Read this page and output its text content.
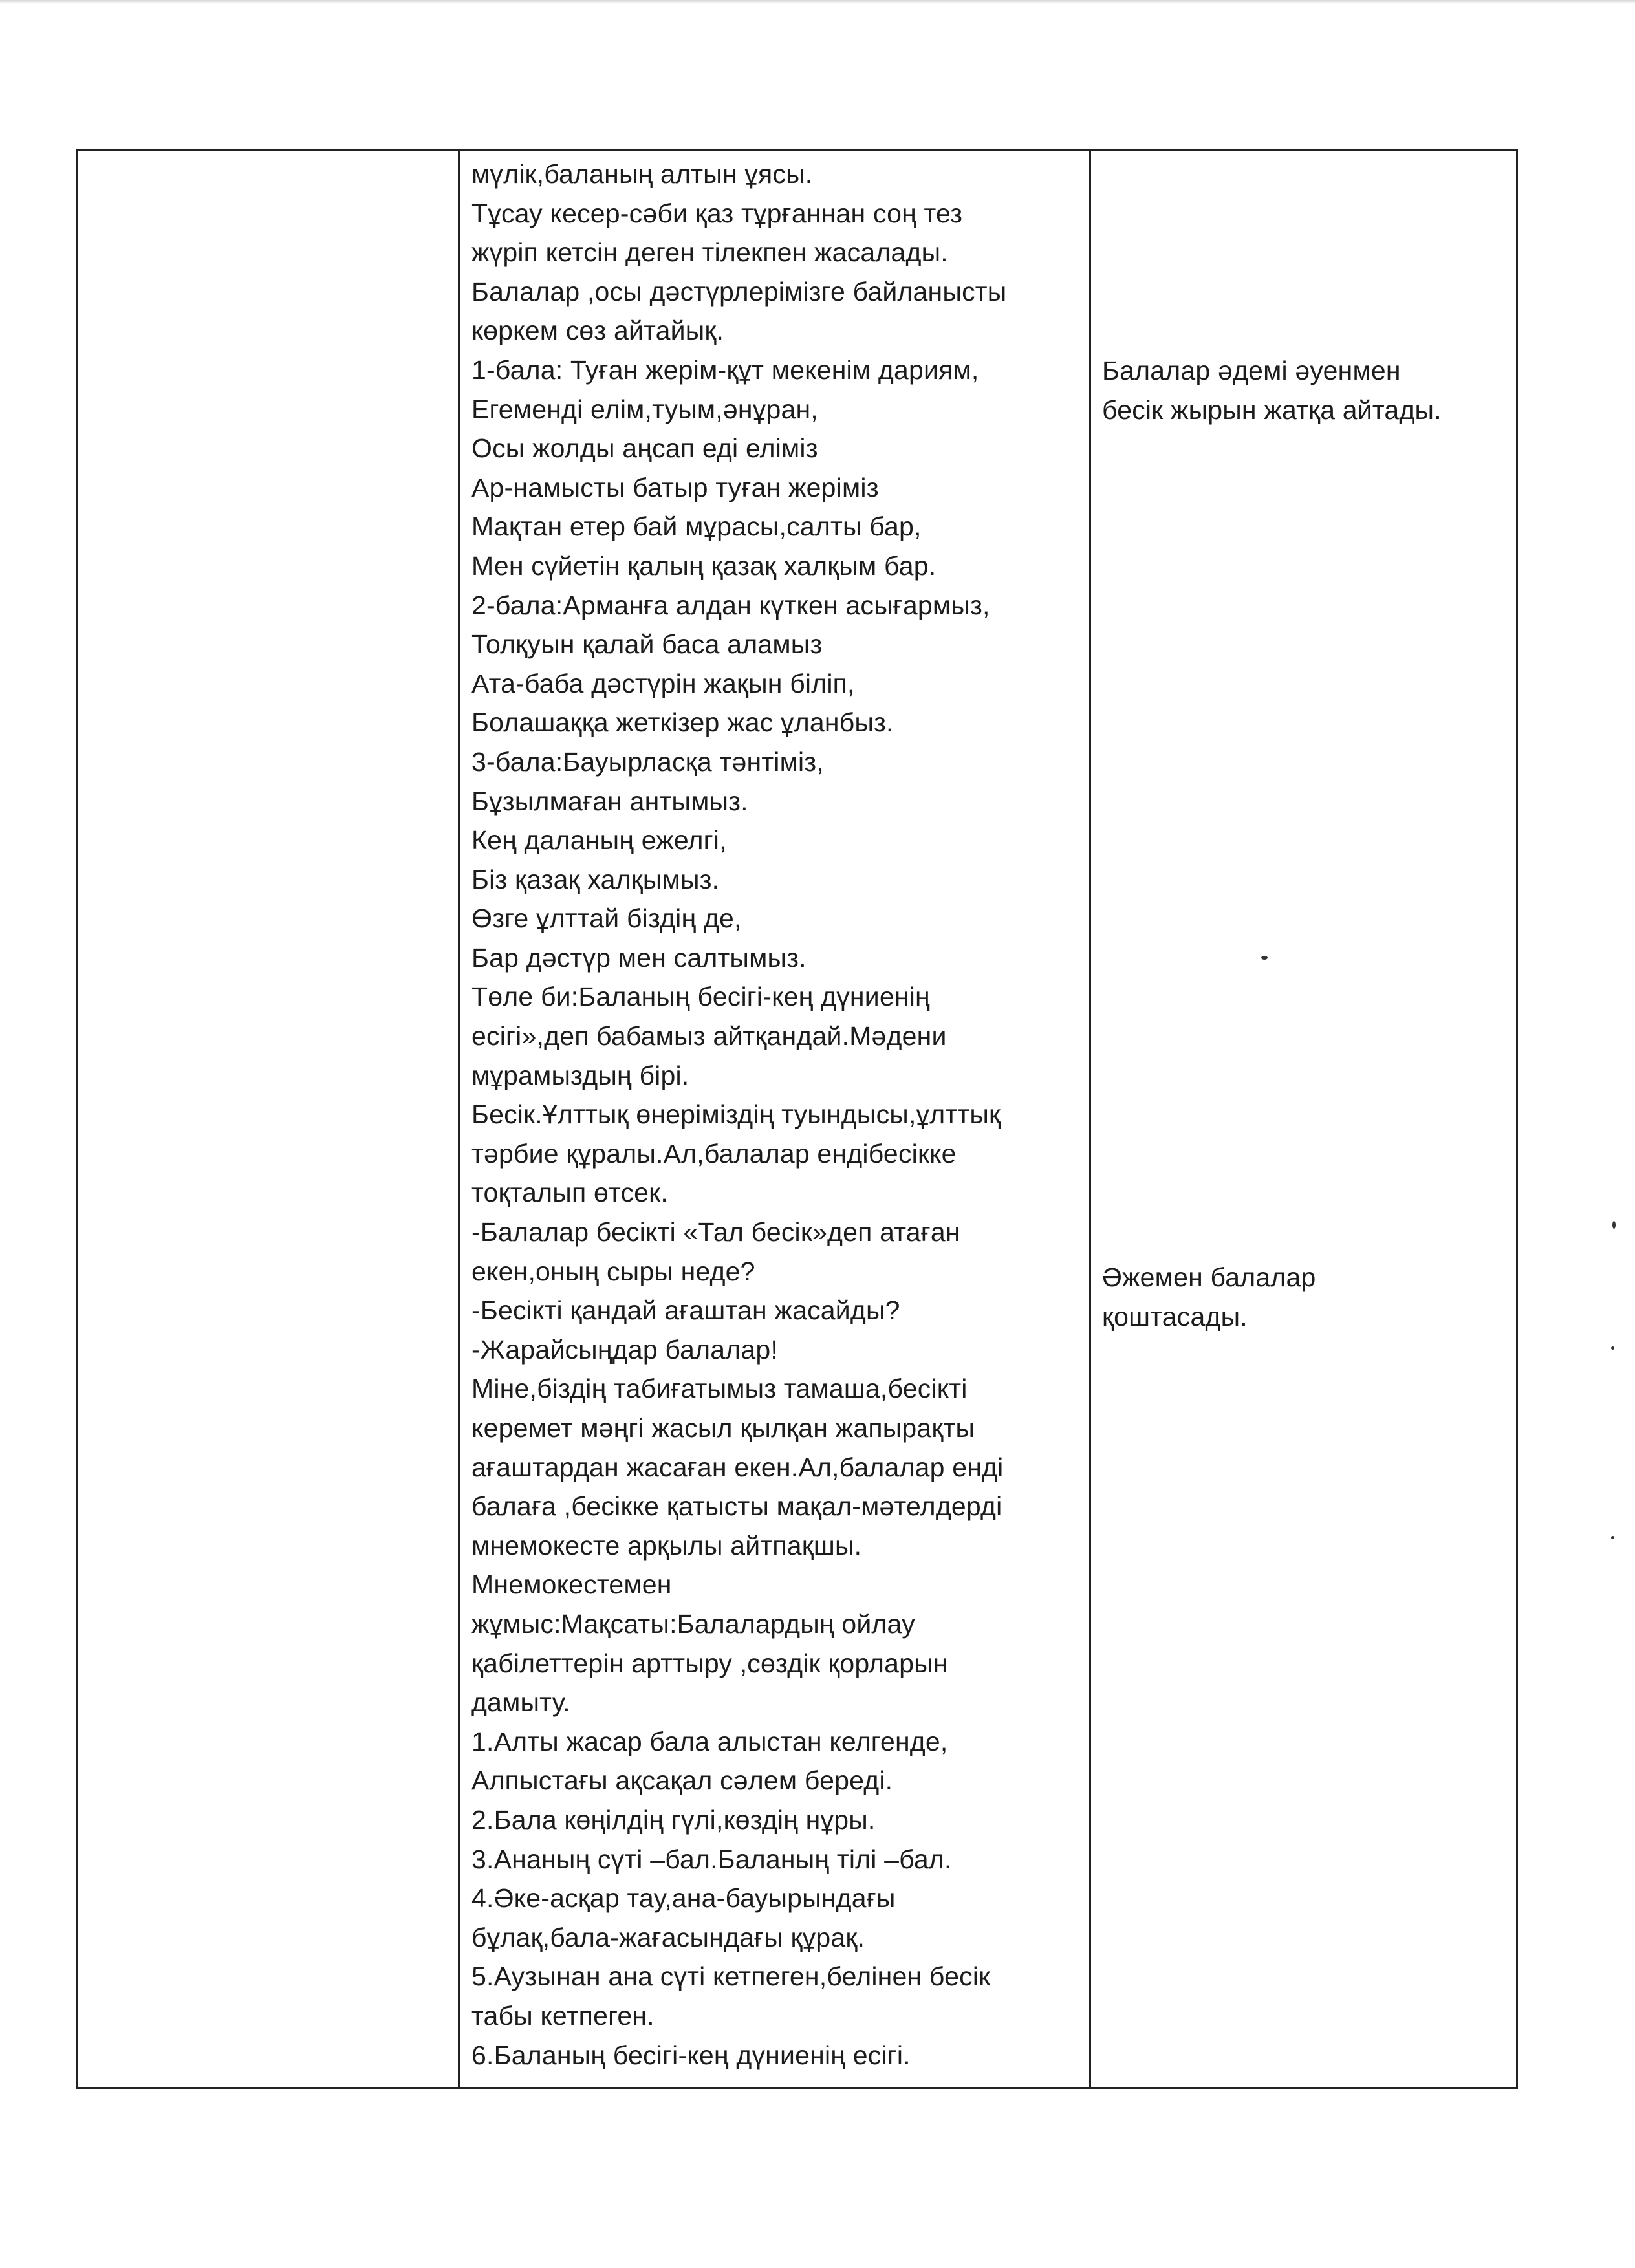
мүлік,баланың алтын ұясы.
Тұсау кесер-сәби қаз тұрғаннан соң тез
жүріп кетсін деген тілекпен жасалады.
Балалар ,осы дәстүрлерімізге байланысты
көркем сөз айтайық.
1-бала: Туған жерім-құт мекенім дариям,
Егеменді елім,туым,әнұран,
Осы жолды аңсап еді еліміз
Ар-намысты батыр туған жеріміз
Мақтан етер бай мұрасы,салты бар,
Мен сүйетін қалың қазақ халқым бар.
2-бала:Арманға алдан күткен асығармыз,
Толқуын қалай баса аламыз
Ата-баба дәстүрін жақын біліп,
Болашаққа жеткізер жас ұланбыз.
3-бала:Бауырласқа тәнтіміз,
Бұзылмаған антымыз.
Кең даланың ежелгі,
Біз қазақ халқымыз.
Өзге ұлттай біздің де,
Бар дәстүр мен салтымыз.
Төле би:Баланың бесігі-кең дүниенің
есігі»,деп бабамыз айтқандай.Мәдени
мұрамыздың бірі.
Бесік.Ұлттық өнеріміздің туындысы,ұлттық
тәрбие құралы.Ал,балалар ендібесікке
тоқталып өтсек.
-Балалар бесікті «Тал бесік»деп атаған
екен,оның сыры неде?
-Бесікті қандай ағаштан жасайды?
-Жарайсыңдар балалар!
Міне,біздің табиғатымыз тамаша,бесікті
керемет мәңгі жасыл қылқан жапырақты
ағаштардан жасаған екен.Ал,балалар енді
балаға ,бесікке қатысты мақал-мәтелдерді
мнемокесте арқылы айтпақшы.
Мнемокестемен
жұмыс:Мақсаты:Балалардың ойлау
қабілеттерін арттыру ,сөздік қорларын
дамыту.
1.Алты жасар бала алыстан келгенде,
Алпыстағы ақсақал сәлем береді.
2.Бала көңілдің гүлі,көздің нұры.
3.Ананың сүті –бал.Баланың тілі –бал.
4.Әке-асқар тау,ана-бауырындағы
бұлақ,бала-жағасындағы құрақ.
5.Аузынан ана сүті кетпеген,белінен бесік
табы кетпеген.
6.Баланың бесігі-кең дүниенің есігі.
Балалар әдемі әуенмен
бесік жырын жатқа айтады.
Әжемен балалар
қоштасады.
